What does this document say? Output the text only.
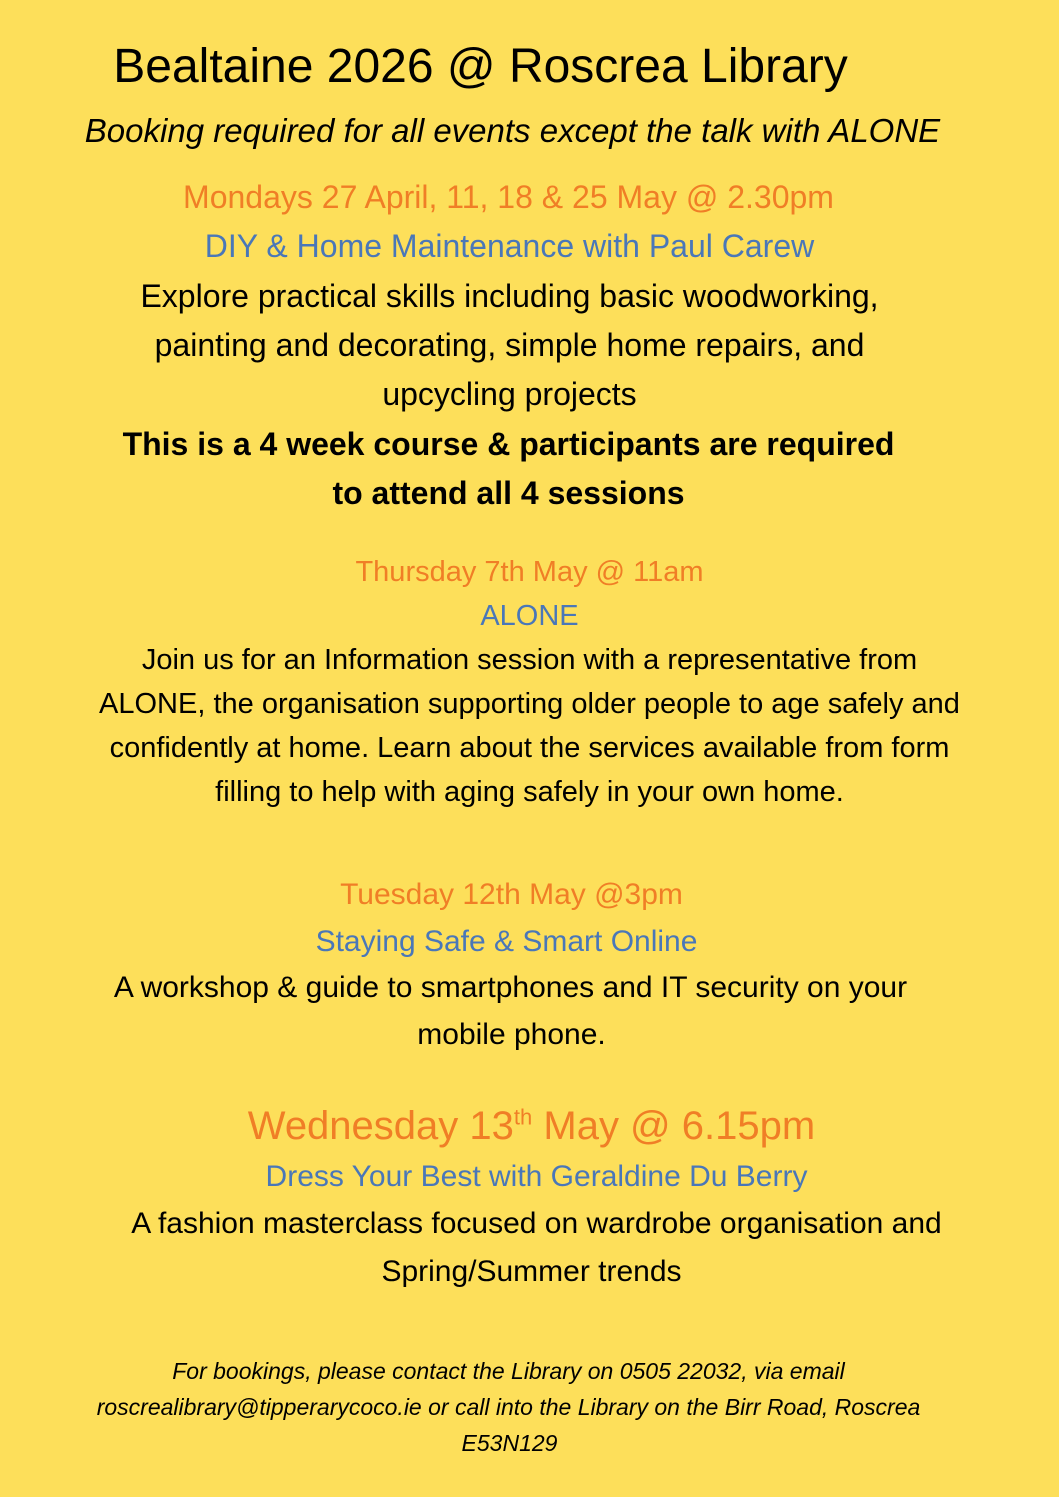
Bealtaine 2026 @ Roscrea Library
Booking required for all events except the talk with ALONE
Mondays 27 April, 11, 18 & 25 May @ 2.30pm
DIY & Home Maintenance with Paul Carew
Explore practical skills including basic woodworking,
painting and decorating, simple home repairs, and
upcycling projects
This is a 4 week course & participants are required
to attend all 4 sessions
Thursday 7th May @ 11am
ALONE
Join us for an Information session with a representative from
ALONE, the organisation supporting older people to age safely and
confidently at home. Learn about the services available from form
filling to help with aging safely in your own home.
Tuesday 12th May @3pm
Staying Safe & Smart Online
A workshop & guide to smartphones and IT security on your
mobile phone.
Wednesday 13th May @ 6.15pm
Dress Your Best with Geraldine Du Berry
A fashion masterclass focused on wardrobe organisation and
Spring/Summer trends
For bookings, please contact the Library on 0505 22032, via email
roscrealibrary@tipperarycoco.ie or call into the Library on the Birr Road, Roscrea
E53N129
